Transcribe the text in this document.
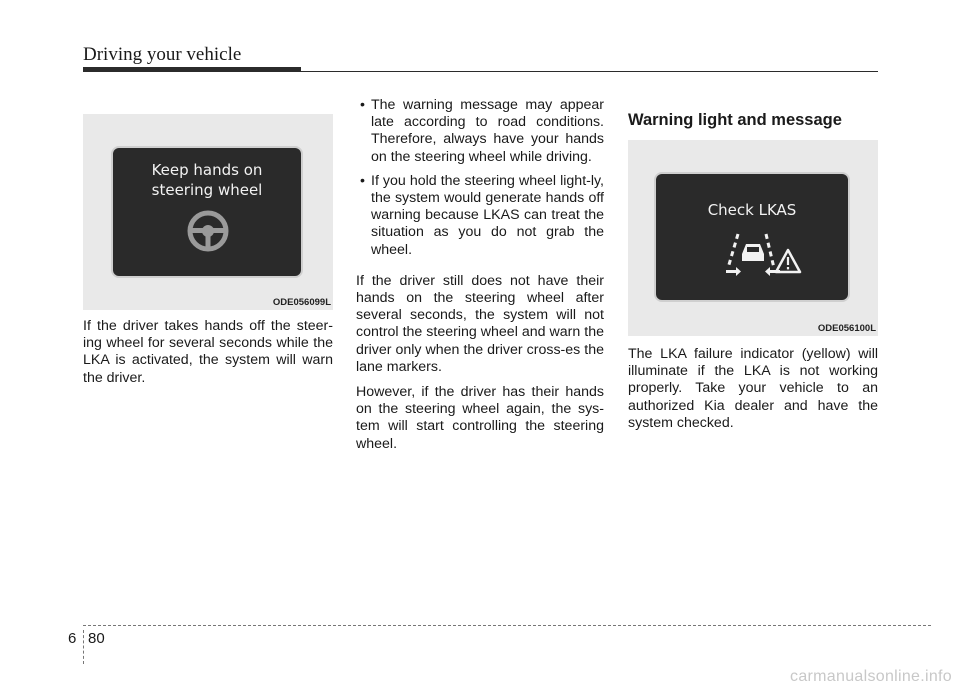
Driving your vehicle
Keep hands on
steering wheel
ODE056099L

If the driver takes hands off the steer-ing wheel for several seconds while the LKA is activated, the system will warn the driver.

• The warning message may appear late according to road conditions. Therefore, always have your hands on the steering wheel while driving.
• If you hold the steering wheel light-ly, the system would generate hands off warning because LKAS can treat the situation as you do not grab the wheel.

If the driver still does not have their hands on the steering wheel after several seconds, the system will not control the steering wheel and warn the driver only when the driver cross-es the lane markers.

However, if the driver has their hands on the steering wheel again, the sys-tem will start controlling the steering wheel.

Warning light and message
Check LKAS
ODE056100L

The LKA failure indicator (yellow) will illuminate if the LKA is not working properly. Take your vehicle to an authorized Kia dealer and have the system checked.

6 80
carmanualsonline.info
